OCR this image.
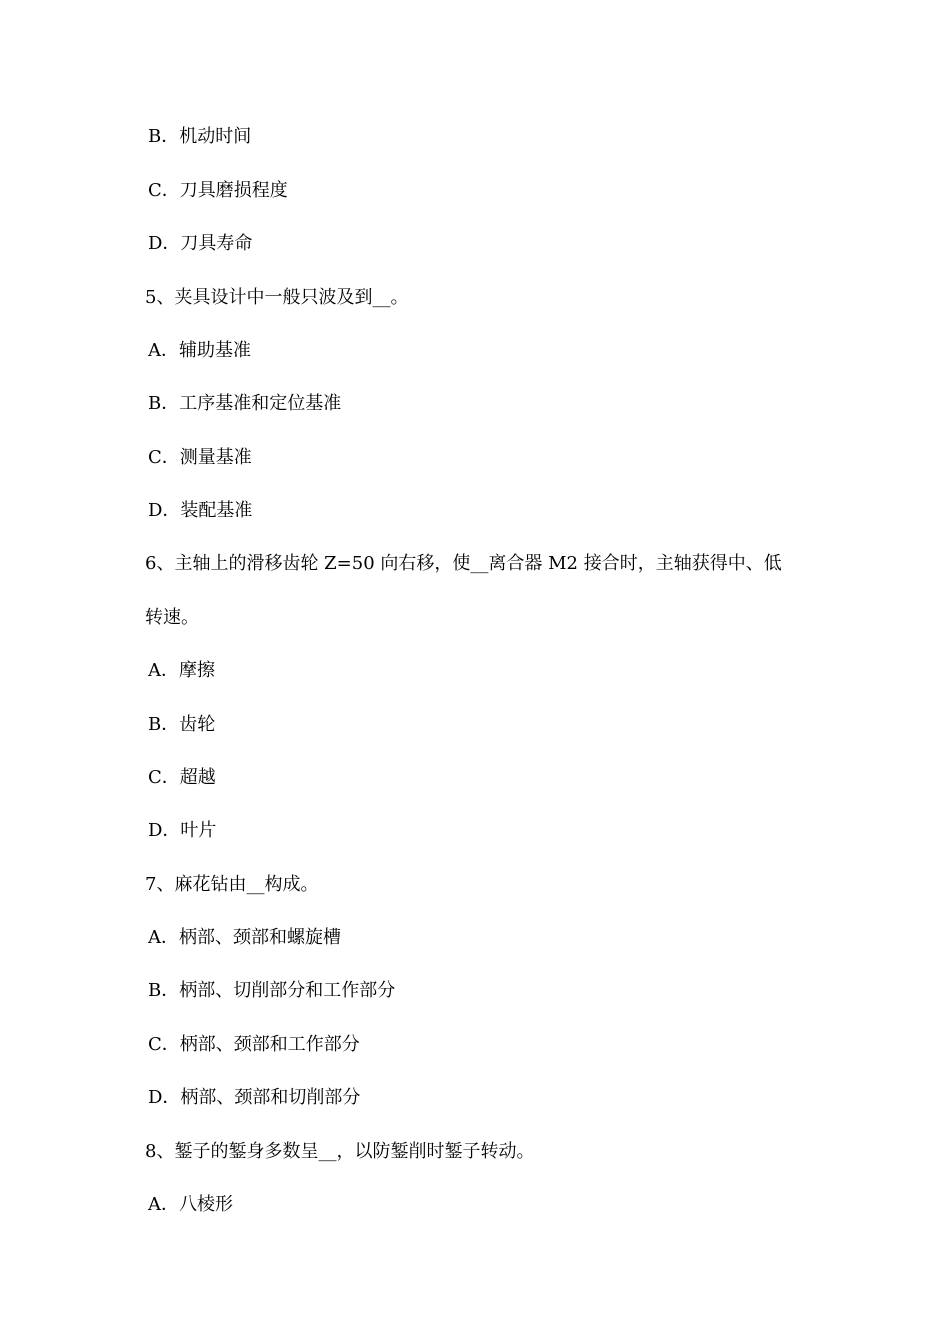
B．机动时间
C．刀具磨损程度
D．刀具寿命
5、夹具设计中一般只波及到__。
A．辅助基准
B．工序基准和定位基准
C．测量基准
D．装配基准
6、主轴上的滑移齿轮 Z=50 向右移，使__离合器 M2 接合时，主轴获得中、低
转速。
A．摩擦
B．齿轮
C．超越
D．叶片
7、麻花钻由__构成。
A．柄部、颈部和螺旋槽
B．柄部、切削部分和工作部分
C．柄部、颈部和工作部分
D．柄部、颈部和切削部分
8、錾子的錾身多数呈__，以防錾削时錾子转动。
A．八棱形
